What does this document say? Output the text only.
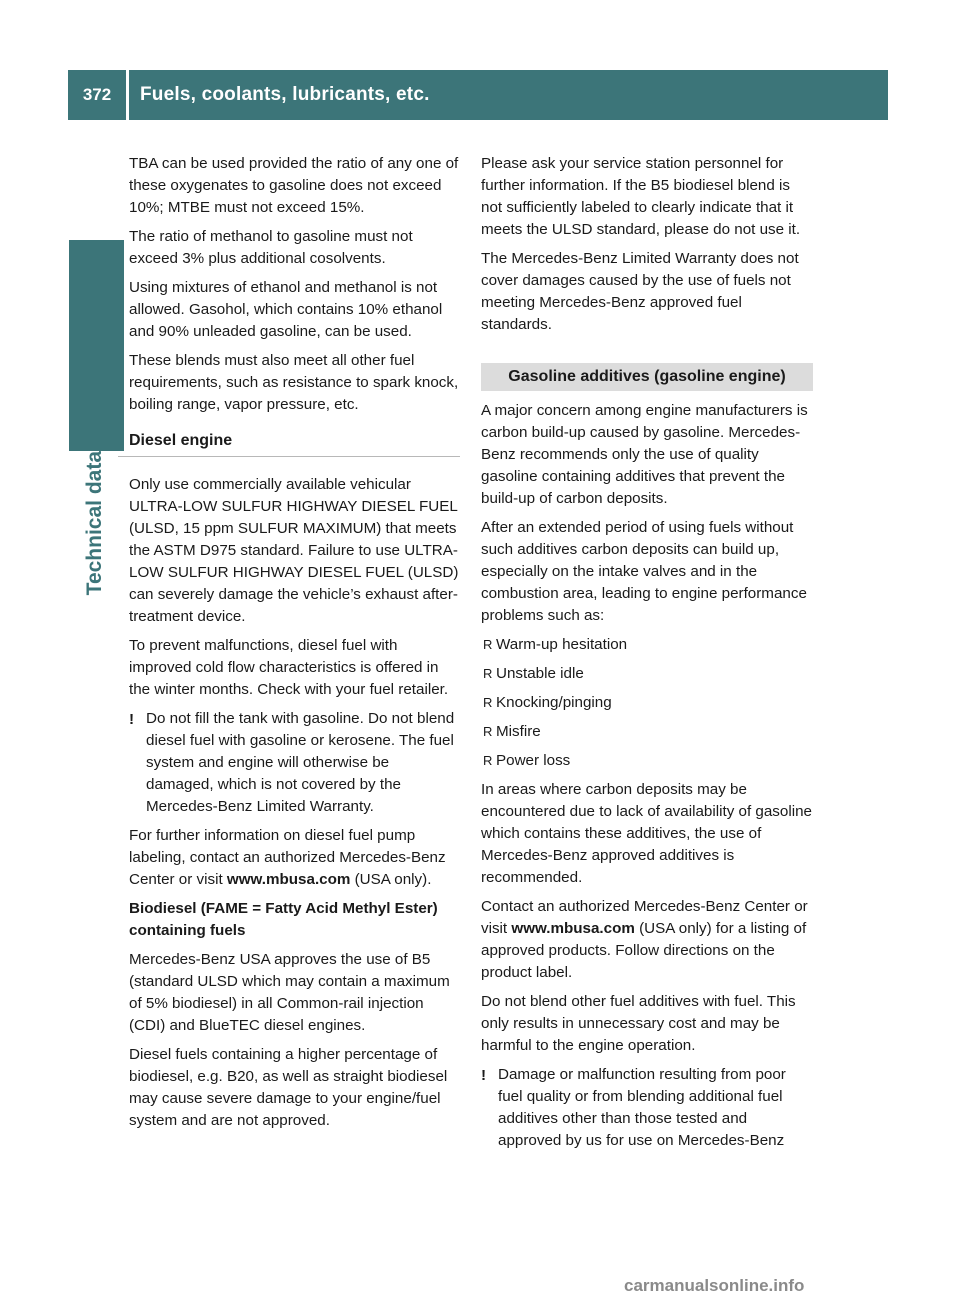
372	Fuels, coolants, lubricants, etc.
Technical data

TBA can be used provided the ratio of any one of these oxygenates to gasoline does not exceed 10%; MTBE must not exceed 15%.

The ratio of methanol to gasoline must not exceed 3% plus additional cosolvents.

Using mixtures of ethanol and methanol is not allowed. Gasohol, which contains 10% ethanol and 90% unleaded gasoline, can be used.

These blends must also meet all other fuel requirements, such as resistance to spark knock, boiling range, vapor pressure, etc.

Diesel engine

Only use commercially available vehicular ULTRA-LOW SULFUR HIGHWAY DIESEL FUEL (ULSD, 15 ppm SULFUR MAXIMUM) that meets the ASTM D975 standard. Failure to use ULTRA-LOW SULFUR HIGHWAY DIESEL FUEL (ULSD) can severely damage the vehicle’s exhaust after-treatment device.

To prevent malfunctions, diesel fuel with improved cold flow characteristics is offered in the winter months. Check with your fuel retailer.

! Do not fill the tank with gasoline. Do not blend diesel fuel with gasoline or kerosene. The fuel system and engine will otherwise be damaged, which is not covered by the Mercedes-Benz Limited Warranty.

For further information on diesel fuel pump labeling, contact an authorized Mercedes-Benz Center or visit www.mbusa.com (USA only).

Biodiesel (FAME = Fatty Acid Methyl Ester) containing fuels

Mercedes-Benz USA approves the use of B5 (standard ULSD which may contain a maximum of 5% biodiesel) in all Common-rail injection (CDI) and BlueTEC diesel engines.

Diesel fuels containing a higher percentage of biodiesel, e.g. B20, as well as straight biodiesel may cause severe damage to your engine/fuel system and are not approved.

Please ask your service station personnel for further information. If the B5 biodiesel blend is not sufficiently labeled to clearly indicate that it meets the ULSD standard, please do not use it.

The Mercedes-Benz Limited Warranty does not cover damages caused by the use of fuels not meeting Mercedes-Benz approved fuel standards.

Gasoline additives (gasoline engine)

A major concern among engine manufacturers is carbon build-up caused by gasoline. Mercedes-Benz recommends only the use of quality gasoline containing additives that prevent the build-up of carbon deposits.

After an extended period of using fuels without such additives carbon deposits can build up, especially on the intake valves and in the combustion area, leading to engine performance problems such as:

R Warm-up hesitation
R Unstable idle
R Knocking/pinging
R Misfire
R Power loss

In areas where carbon deposits may be encountered due to lack of availability of gasoline which contains these additives, the use of Mercedes-Benz approved additives is recommended.

Contact an authorized Mercedes-Benz Center or visit www.mbusa.com (USA only) for a listing of approved products. Follow directions on the product label.

Do not blend other fuel additives with fuel. This only results in unnecessary cost and may be harmful to the engine operation.

! Damage or malfunction resulting from poor fuel quality or from blending additional fuel additives other than those tested and approved by us for use on Mercedes-Benz
carmanualsonline.info
